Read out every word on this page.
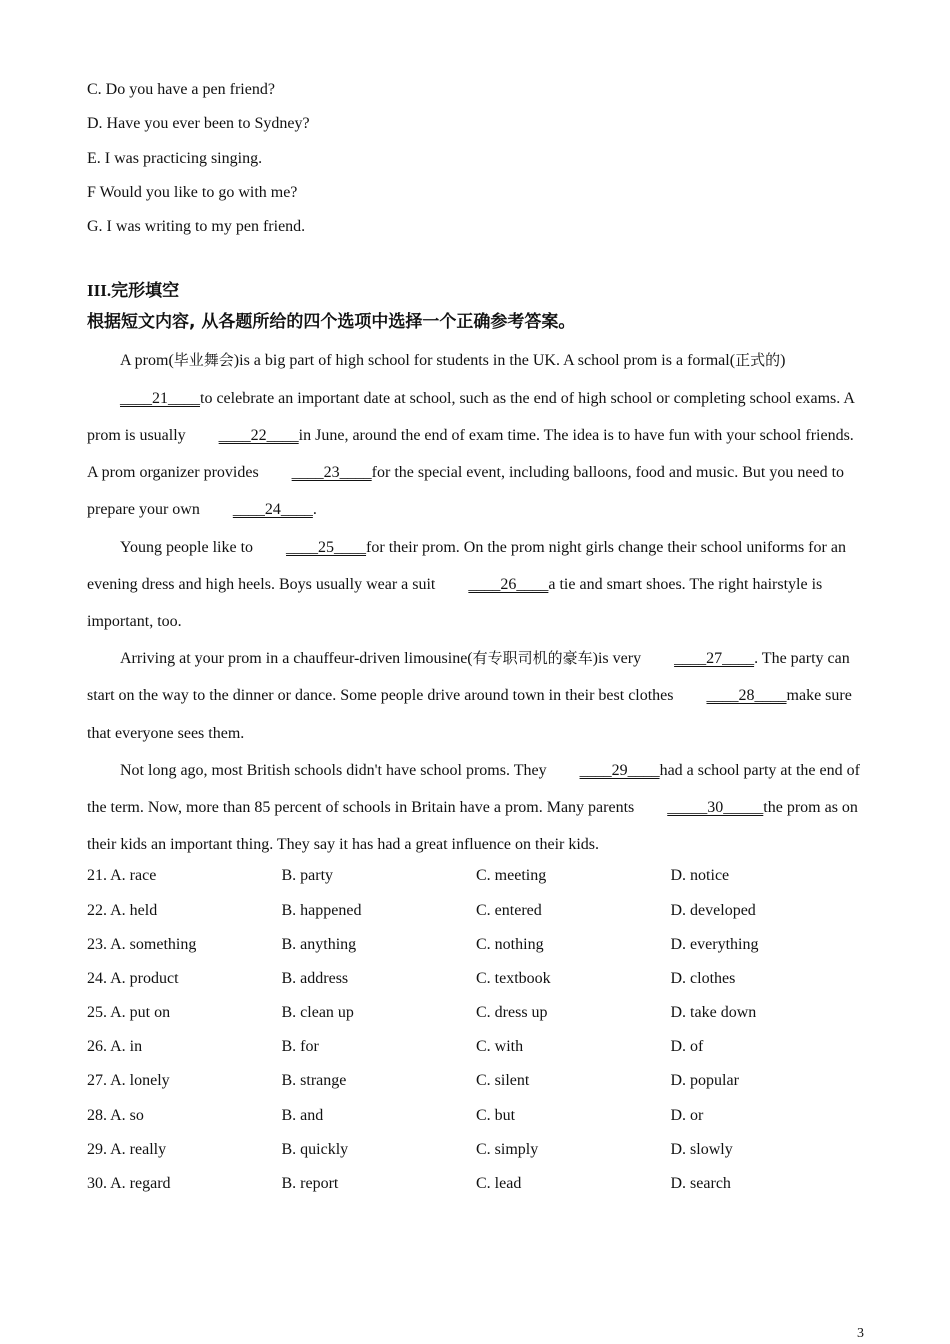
C. Do you have a pen friend?
D. Have you ever been to Sydney?
E. I was practicing singing.
F Would you like to go with me?
G. I was writing to my pen friend.
III.完形填空
根据短文内容, 从各题所给的四个选项中选择一个正确参考答案。

A prom(毕业舞会)is a big part of high school for students in the UK. A school prom is a formal(正式的)____21____to celebrate an important date at school, such as the end of high school or completing school exams. A prom is usually ____22____in June, around the end of exam time. The idea is to have fun with your school friends. A prom organizer provides ____23____for the special event, including balloons, food and music. But you need to prepare your own ____24____.

Young people like to ____25____for their prom. On the prom night girls change their school uniforms for an evening dress and high heels. Boys usually wear a suit ____26____a tie and smart shoes. The right hairstyle is important, too.

Arriving at your prom in a chauffeur-driven limousine(有专职司机的豪车)is very ____27____. The party can start on the way to the dinner or dance. Some people drive around town in their best clothes ____28____make sure that everyone sees them.

Not long ago, most British schools didn't have school proms. They ____29____had a school party at the end of the term. Now, more than 85 percent of schools in Britain have a prom. Many parents _____30_____the prom as on their kids an important thing. They say it has had a great influence on their kids.

21. A. race	B. party	C. meeting	D. notice
22. A. held	B. happened	C. entered	D. developed
23. A. something	B. anything	C. nothing	D. everything
24. A. product	B. address	C. textbook	D. clothes
25. A. put on	B. clean up	C. dress up	D. take down
26. A. in	B. for	C. with	D. of
27. A. lonely	B. strange	C. silent	D. popular
28. A. so	B. and	C. but	D. or
29. A. really	B. quickly	C. simply	D. slowly
30. A. regard	B. report	C. lead	D. search
3
